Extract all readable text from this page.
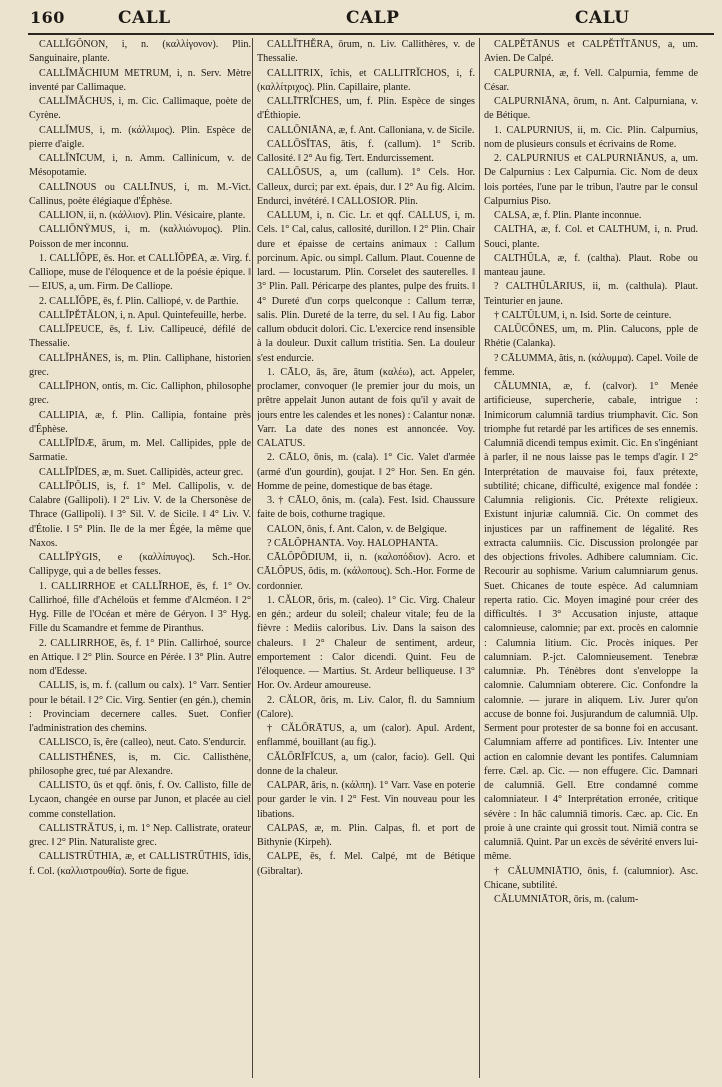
160	CALL	CALP	CALU
CALLĬGŎNON, i, n. (καλλίγονον). Plin. Sanguinaire, plante.
CALLĬMĂCHIUM METRUM, i, n. Serv. Mètre inventé par Callimaque.
CALLĬMĂCHUS, i, m. Cic. Callimaque, poète de Cyrène.
CALLĬMUS, i, m. (κάλλιμος). Plin. Espèce de pierre d'aigle.
CALLĬNĪCUM, i, n. Amm. Callinicum, v. de Mésopotamie.
CALLĪNOUS ou CALLĪNUS, i, m. M.-Vict. Callinus, poète élégiaque d'Éphèse.
CALLION, ii, n. (κάλλιον). Plin. Vésicaire, plante.
CALLIŌNŸMUS, i, m. (καλλιώνυμος). Plin. Poisson de mer inconnu.
1. CALLĬŎPE, ēs. Hor. et CALLĬŎPĒA, æ. Virg. f. Calliope, muse de l'éloquence et de la poésie épique. ‖ — EIUS, a, um. Firm. De Calliope.
2. CALLĬŎPE, ēs, f. Plin. Calliopé, v. de Parthie.
CALLĬPĔTĂLON, i, n. Apul. Quintefeuille, herbe.
CALLĬPEUCE, ēs, f. Liv. Callipeucé, défilé de Thessalie.
CALLĬPHĂNES, is, m. Plin. Calliphane, historien grec.
CALLĬPHON, ontis, m. Cic. Calliphon, philosophe grec.
CALLIPIA, æ, f. Plin. Callipia, fontaine près d'Éphèse.
CALLĬPĬDÆ, ārum, m. Mel. Callipides, pple de Sarmatie.
CALLĬPĬDES, æ, m. Suet. Callipidès, acteur grec.
CALLĬPŎLIS, is, f. 1° Mel. Callipolis, v. de Calabre (Gallipoli). ‖ 2° Liv. V. de la Chersonèse de Thrace (Gallipoli). ‖ 3° Sil. V. de Sicile. ‖ 4° Liv. V. d'Étolie. ‖ 5° Plin. Ile de la mer Égée, la même que Naxos.
CALLĬPŸGIS, e (καλλίπυγος). Sch.-Hor. Callipyge, qui a de belles fesses.
1. CALLIRRHOE et CALLĬRHOE, ēs, f. 1° Ov. Callirhoé, fille d'Achéloüs et femme d'Alcméon. ‖ 2° Hyg. Fille de l'Océan et mère de Géryon. ‖ 3° Hyg. Fille du Scamandre et femme de Piranthus.
2. CALLIRRHOE, ēs, f. 1° Plin. Callirhoé, source en Attique. ‖ 2° Plin. Source en Pérée. ‖ 3° Plin. Autre nom d'Edesse.
CALLIS, is, m. f. (callum ou calx). 1° Varr. Sentier pour le bétail. ‖ 2° Cic. Virg. Sentier (en gén.), chemin : Provinciam decernere calles. Suet. Confier l'administration des chemins.
CALLISCO, ĭs, ĕre (calleo), neut. Cato. S'endurcir.
CALLISTHĔNES, is, m. Cic. Callisthène, philosophe grec, tué par Alexandre.
CALLISTO, ūs et qqf. ōnis, f. Ov. Callisto, fille de Lycaon, changée en ourse par Junon, et placée au ciel comme constellation.
CALLISTRĂTUS, i, m. 1° Nep. Callistrate, orateur grec. ‖ 2° Plin. Naturaliste grec.
CALLISTRŪTHIA, æ, et CALLISTRŪTHIS, ĭdis, f. Col. (καλλιστρουθία). Sorte de figue.
CALLĬTHĔRA, ōrum, n. Liv. Callithères, v. de Thessalie.
CALLITRIX, ĭchis, et CALLITRĬCHOS, i, f. (καλλίτριχος). Plin. Capillaire, plante.
CALLĪTRĬCHES, um, f. Plin. Espèce de singes d'Éthiopie.
CALLŌNIĀNA, æ, f. Ant. Calloniana, v. de Sicile.
CALLŌSĬTAS, ātis, f. (callum). 1° Scrib. Callosité. ‖ 2° Au fig. Tert. Endurcissement.
CALLŌSUS, a, um (callum). 1° Cels. Hor. Calleux, durci; par ext. épais, dur. ‖ 2° Au fig. Alcim. Endurci, invétéré. ‖ CALLOSIOR. Plin.
CALLUM, i, n. Cic. Lr. et qqf. CALLUS, i, m. Cels. 1° Cal, calus, callosité, durillon. ‖ 2° Plin. Chair dure et épaisse de certains animaux : Callum porcinum. Apic. ou simpl. Callum. Plaut. Couenne de lard. — locustarum. Plin. Corselet des sauterelles. ‖ 3° Plin. Pall. Péricarpe des plantes, pulpe des fruits. ‖ 4° Dureté d'un corps quelconque : Callum terræ, salis. Plin. Dureté de la terre, du sel. ‖ Au fig. Labor callum obducit dolori. Cic. L'exercice rend insensible à la douleur. Duxit callum tristitia. Sen. La douleur s'est endurcie.
1. CĀLO, ās, āre, ātum (καλέω), act. Appeler, proclamer, convoquer (le premier jour du mois, un prêtre appelait Junon autant de fois qu'il y avait de jours entre les calendes et les nones) : Calantur nonæ. Varr. La date des nones est annoncée. Voy. CALATUS.
2. CĀLO, ōnis, m. (cala). 1° Cic. Valet d'armée (armé d'un gourdin), goujat. ‖ 2° Hor. Sen. En gén. Homme de peine, domestique de bas étage.
3. † CĀLO, ōnis, m. (cala). Fest. Isid. Chaussure faite de bois, cothurne tragique.
CALON, ōnis, f. Ant. Calon, v. de Belgique.
? CĀLŎPHANTA. Voy. HALOPHANTA.
CĀLŎPŌDIUM, ii, n. (καλοπόδιον). Acro. et CĀLŎPUS, ŏdis, m. (κάλοπους). Sch.-Hor. Forme de cordonnier.
1. CĂLOR, ōris, m. (caleo). 1° Cic. Virg. Chaleur en gén.; ardeur du soleil; chaleur vitale; feu de la fièvre : Mediis caloribus. Liv. Dans la saison des chaleurs. ‖ 2° Chaleur de sentiment, ardeur, emportement : Calor dicendi. Quint. Feu de l'éloquence. — Martius. St. Ardeur belliqueuse. ‖ 3° Hor. Ov. Ardeur amoureuse.
2. CĂLOR, ōris, m. Liv. Calor, fl. du Samnium (Calore).
† CĂLŌRĀTUS, a, um (calor). Apul. Ardent, enflammé, bouillant (au fig.).
CĂLŌRĬFĬCUS, a, um (calor, facio). Gell. Qui donne de la chaleur.
CALPAR, ăris, n. (κάλπη). 1° Varr. Vase en poterie pour garder le vin. ‖ 2° Fest. Vin nouveau pour les libations.
CALPAS, æ, m. Plin. Calpas, fl. et port de Bithynie (Kirpeh).
CALPE, ēs, f. Mel. Calpé, mt de Bétique (Gibraltar).
CALPĔTĀNUS et CALPĔTĬTĀNUS, a, um. Avien. De Calpé.
CALPURNIA, æ, f. Vell. Calpurnia, femme de César.
CALPURNIĀNA, ōrum, n. Ant. Calpurniana, v. de Bétique.
1. CALPURNIUS, ii, m. Cic. Plin. Calpurnius, nom de plusieurs consuls et écrivains de Rome.
2. CALPURNIUS et CALPURNIĀNUS, a, um. De Calpurnius : Lex Calpurnia. Cic. Nom de deux lois portées, l'une par le tribun, l'autre par le consul Calpurnius Piso.
CALSA, æ, f. Plin. Plante inconnue.
CALTHA, æ, f. Col. et CALTHUM, i, n. Prud. Souci, plante.
CALTHŬLA, æ, f. (caltha). Plaut. Robe ou manteau jaune.
? CALTHŬLĀRIUS, ii, m. (calthula). Plaut. Teinturier en jaune.
† CALTŬLUM, i, n. Isid. Sorte de ceinture.
CALŪCŌNES, um, m. Plin. Calucons, pple de Rhétie (Calanka).
? CĀLUMMA, ătis, n. (κάλυμμα). Capel. Voile de femme.
CĂLUMNIA, æ, f. (calvor). 1° Menée artificieuse, supercherie, cabale, intrigue : Inimicorum calumniā tardius triumphavit. Cic. Son triomphe fut retardé par les artifices de ses ennemis. Calumniā dicendi tempus eximit. Cic. En s'ingéniant à parler, il ne nous laisse pas le temps d'agir. ‖ 2° Interprétation de mauvaise foi, faux prétexte, subtilité; chicane, difficulté, exigence mal fondée : Calumnia religionis. Cic. Prétexte religieux. Existunt injuriæ calumniā. Cic. On commet des injustices par un raffinement de légalité. Res extracta calumniis. Cic. Discussion prolongée par des objections frivoles. Adhibere calumniam. Cic. Recourir au sophisme. Varium calumniarum genus. Suet. Chicanes de toute espèce. Ad calumniam reperta ratio. Cic. Moyen imaginé pour créer des difficultés. ‖ 3° Accusation injuste, attaque calomnieuse, calomnie; par ext. procès en calomnie : Calumnia litium. Cic. Procès iniques. Per calumniam. P.-jct. Calomnieusement. Tenebræ calumniæ. Ph. Ténèbres dont s'enveloppe la calomnie. Calumniam obterere. Cic. Confondre la calomnie. — jurare in aliquem. Liv. Jurer qu'on accuse de bonne foi. Jusjurandum de calumniā. Ulp. Serment pour protester de sa bonne foi en accusant. Calumniam afferre ad pontifices. Liv. Intenter une action en calomnie devant les pontifes. Calumniam ferre. Cæl. ap. Cic. — non effugere. Cic. Damnari de calumniā. Gell. Etre condamné comme calomniateur. ‖ 4° Interprétation erronée, critique sévère : In hāc calumniā timoris. Cæc. ap. Cic. En proie à une crainte qui grossit tout. Nimiā contra se calumniā. Quint. Par un excès de sévérité envers lui-même.
† CĂLUMNIĀTIO, ōnis, f. (calumnior). Asc. Chicane, subtilité.
CĂLUMNIĀTOR, ōris, m. (calum-
